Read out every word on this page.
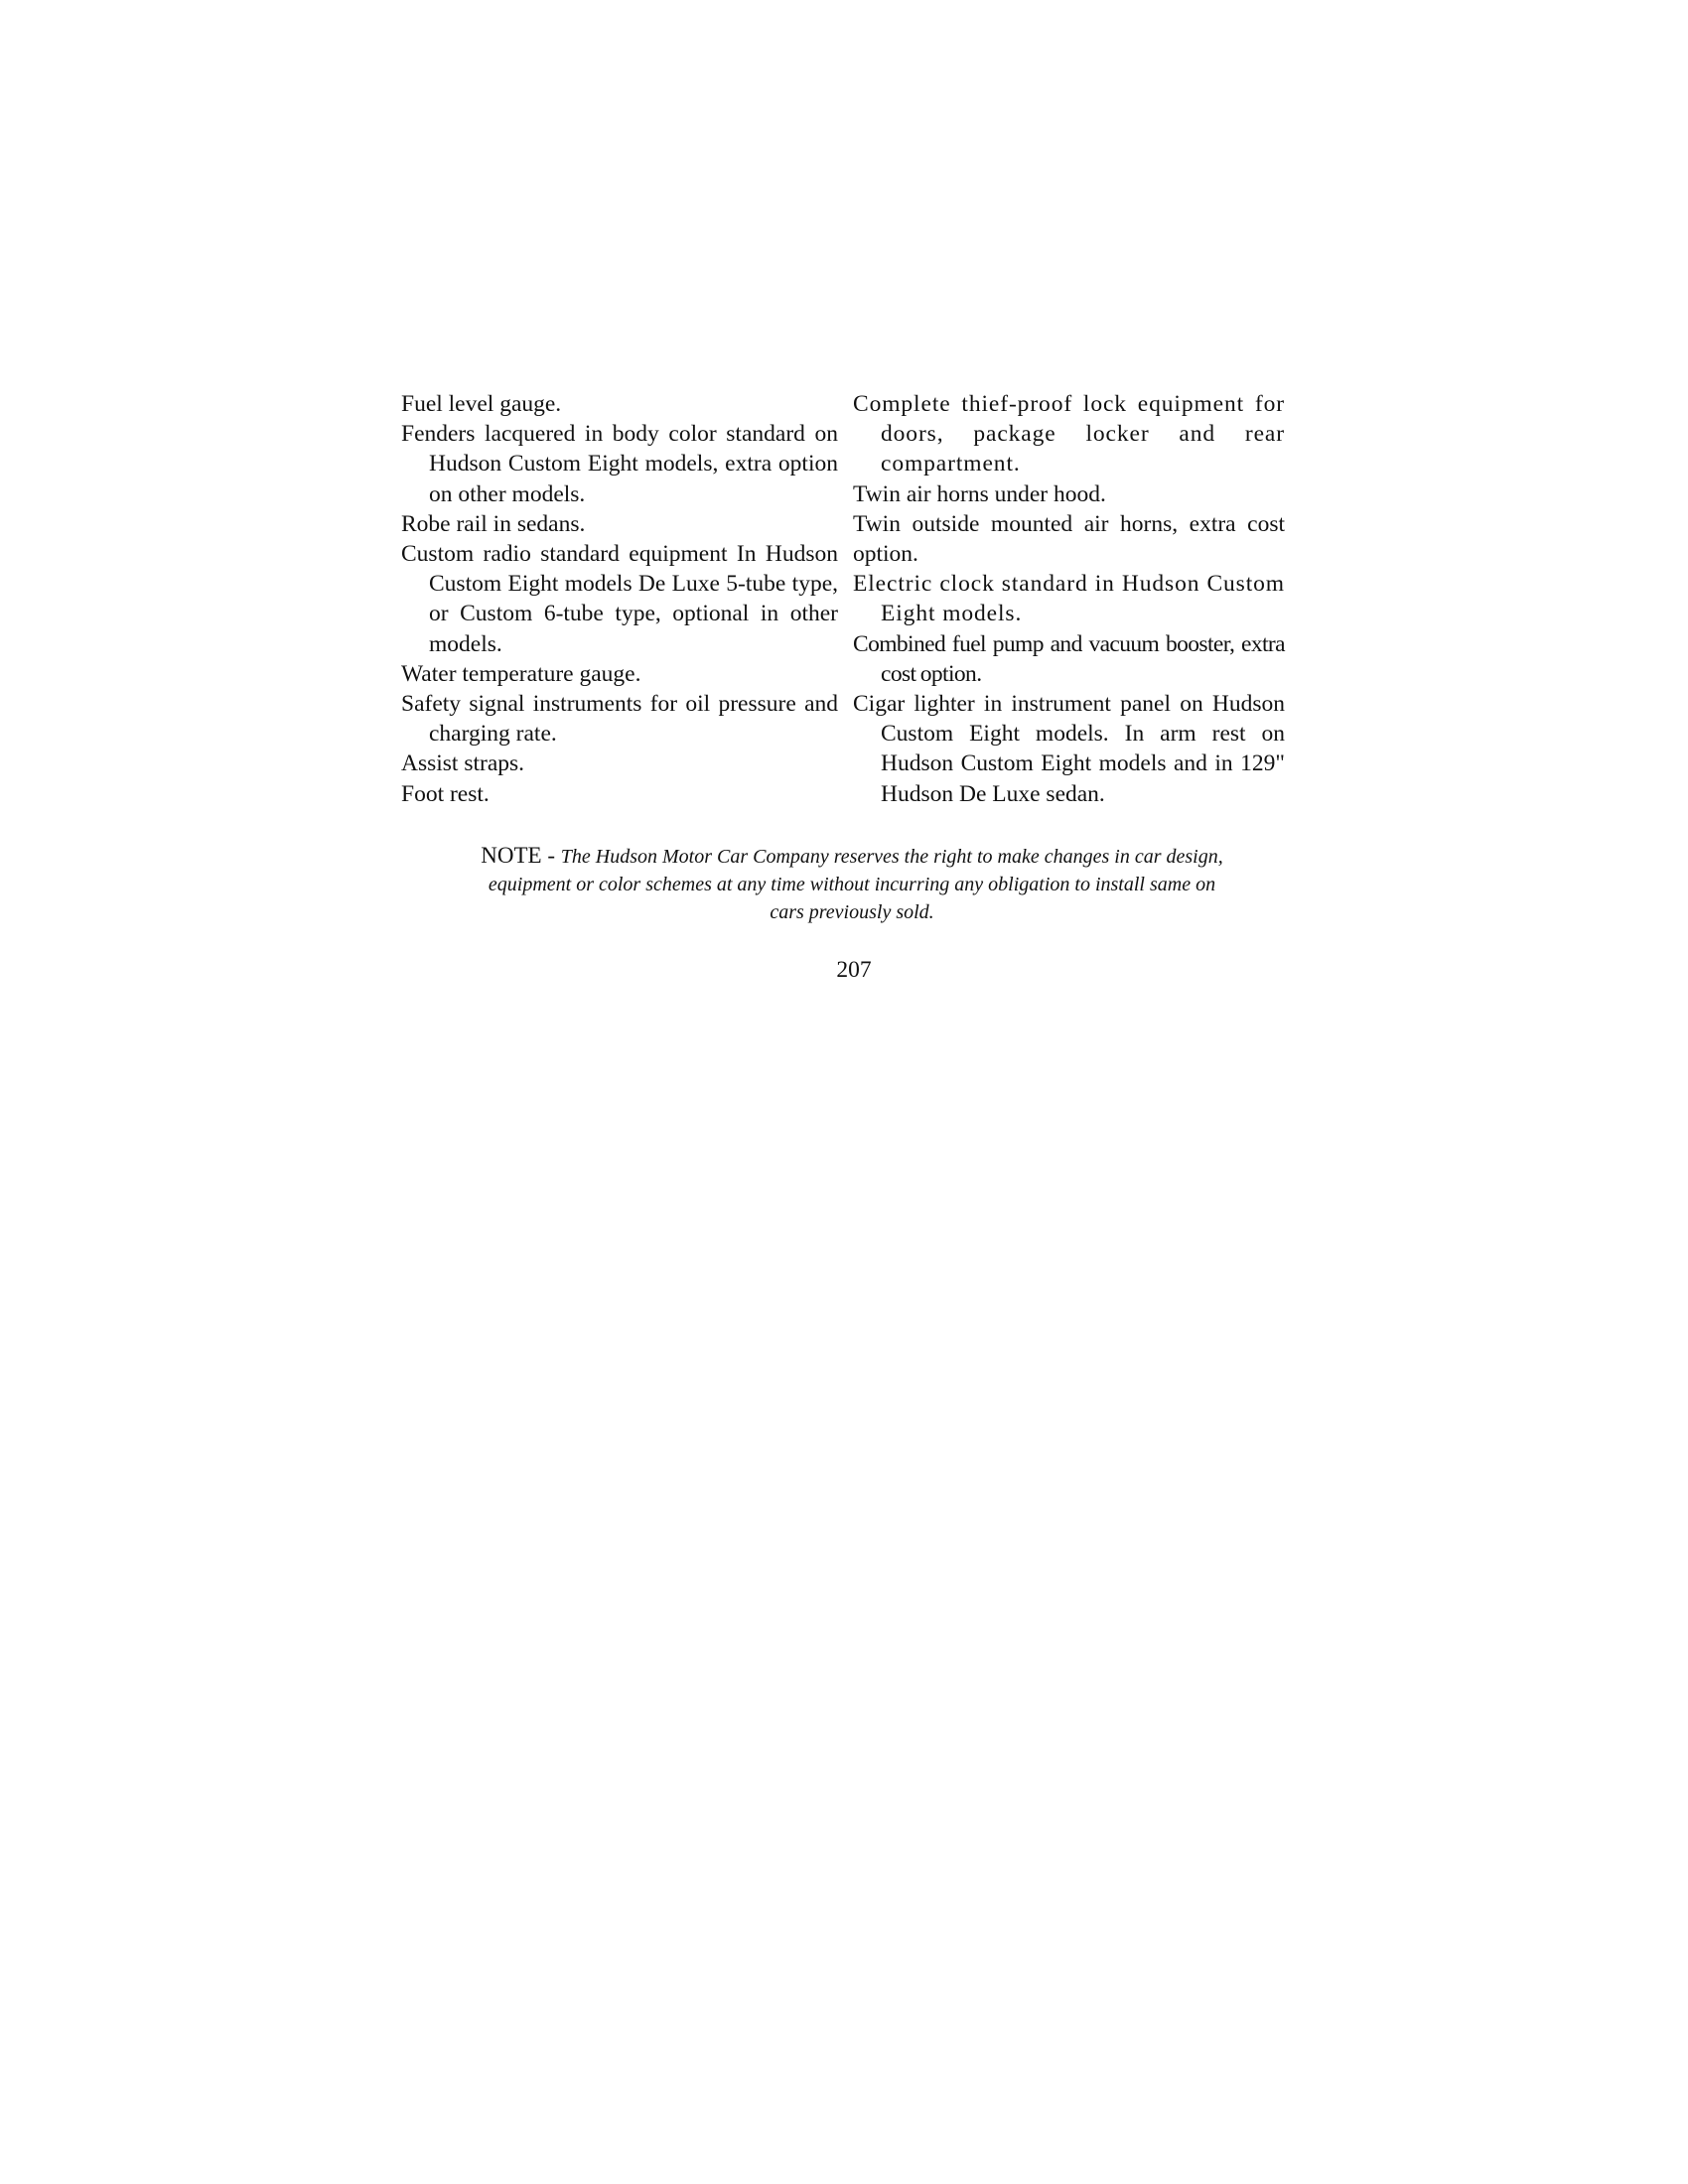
Fuel level gauge.

Fenders lacquered in body color standard on Hudson Custom Eight models, extra option on other models.

Robe rail in sedans.

Custom radio standard equipment In Hudson Custom Eight models De Luxe 5-tube type, or Custom 6-tube type, optional in other models.

Water temperature gauge.

Safety signal instruments for oil pressure and charging rate.

Assist straps.

Foot rest.

Complete thief-proof lock equipment for doors, package locker and rear compartment.

Twin air horns under hood.

Twin outside mounted air horns, extra cost option.

Electric clock standard in Hudson Custom Eight models.

Combined fuel pump and vacuum booster, extra cost option.

Cigar lighter in instrument panel on Hudson Custom Eight models. In arm rest on Hudson Custom Eight models and in 129" Hudson De Luxe sedan.

NOTE - The Hudson Motor Car Company reserves the right to make changes in car design, equipment or color schemes at any time without incurring any obligation to install same on cars previously sold.
207
